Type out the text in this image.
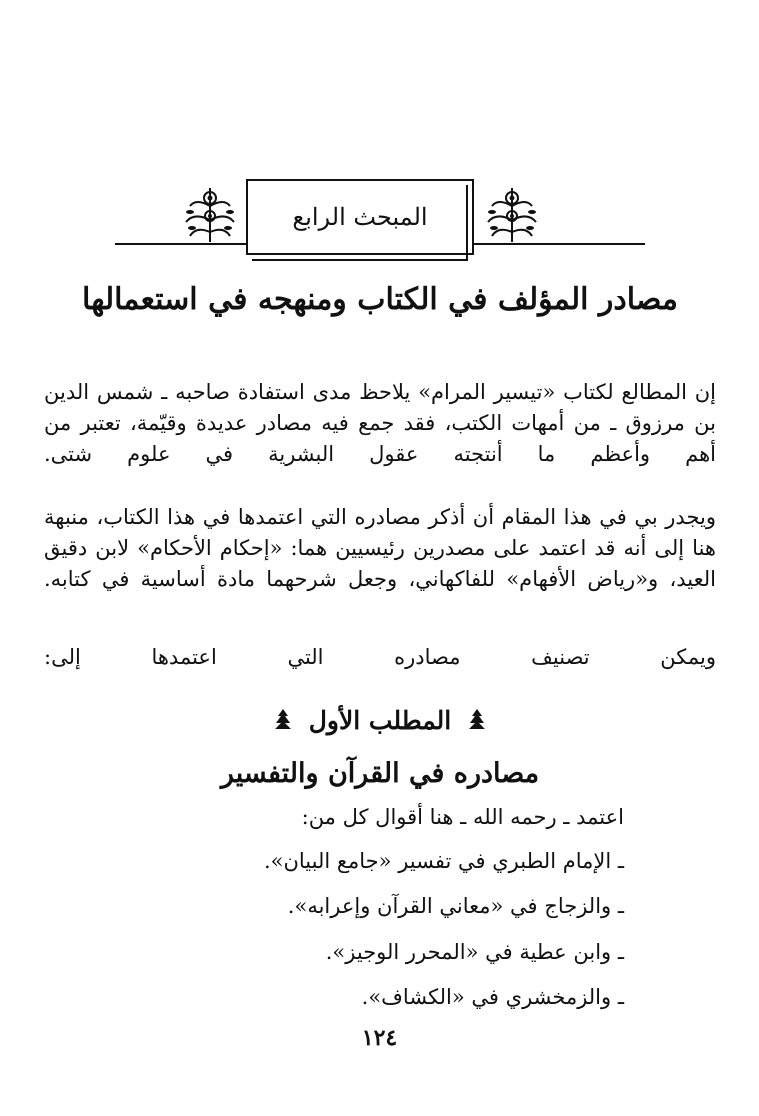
المبحث الرابع
مصادر المؤلف في الكتاب ومنهجه في استعمالها
إن المطالع لكتاب «تيسير المرام» يلاحظ مدى استفادة صاحبه ـ شمس الدين بن مرزوق ـ من أمهات الكتب، فقد جمع فيه مصادر عديدة وقيّمة، تعتبر من أهم وأعظم ما أنتجته عقول البشرية في علوم شتى.
ويجدر بي في هذا المقام أن أذكر مصادره التي اعتمدها في هذا الكتاب، منبهة هنا إلى أنه قد اعتمد على مصدرين رئيسيين هما: «إحكام الأحكام» لابن دقيق العيد، و«رياض الأفهام» للفاكهاني، وجعل شرحهما مادة أساسية في كتابه.
ويمكن تصنيف مصادره التي اعتمدها إلى:
المطلب الأول
مصادره في القرآن والتفسير
اعتمد ـ رحمه الله ـ هنا أقوال كل من:
ـ الإمام الطبري في تفسير «جامع البيان».
ـ والزجاج في «معاني القرآن وإعرابه».
ـ وابن عطية في «المحرر الوجيز».
ـ والزمخشري في «الكشاف».
١٢٤
